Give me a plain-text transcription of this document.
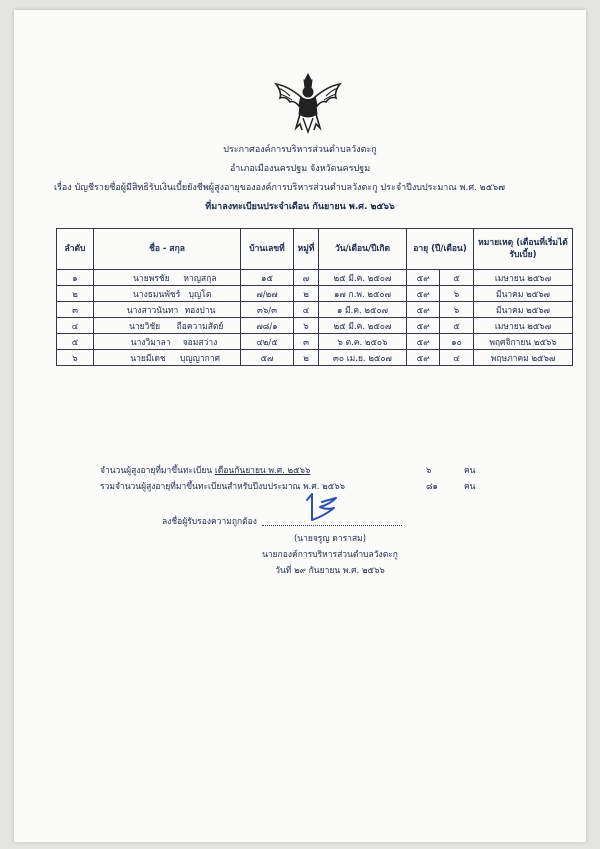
ประกาศองค์การบริหารส่วนตำบลวังตะกู
อำเภอเมืองนครปฐม จังหวัดนครปฐม
เรื่อง บัญชีรายชื่อผู้มีสิทธิรับเงินเบี้ยยังชีพผู้สูงอายุขององค์การบริหารส่วนตำบลวังตะกู ประจำปีงบประมาณ พ.ศ. ๒๕๖๗
ที่มาลงทะเบียนประจำเดือน กันยายน พ.ศ. ๒๕๖๖
ลำดับ	ชื่อ - สกุล	บ้านเลขที่	หมู่ที่	วัน/เดือน/ปีเกิด	อายุ (ปี/เดือน)		หมายเหตุ (เดือนที่เริ่มได้รับเบี้ย)
๑	นายพรชัย หาญสกุล	๑๕	๗	๒๕ มี.ค. ๒๕๐๗	๕๙	๕	เมษายน ๒๕๖๗
๒	นางธมนพัชร์ บุญโต	๗/๒๗	๒	๑๗ ก.พ. ๒๕๐๗	๕๙	๖	มีนาคม ๒๕๖๗
๓	นางสาวนันทา ทองปาน	๓๖/๓	๔	๑ มี.ค. ๒๕๐๗	๕๙	๖	มีนาคม ๒๕๖๗
๔	นายวิชัย ถือความสัตย์	๗๘/๑	๖	๒๕ มี.ค. ๒๕๐๗	๕๙	๕	เมษายน ๒๕๖๗
๕	นางวิมาลา จอมสว่าง	๔๒/๕	๓	๖ ต.ค. ๒๕๐๖	๕๙	๑๐	พฤศจิกายน ๒๕๖๖
๖	นายมีเดช บุญญากาศ	๕๗	๒	๓๐ เม.ย. ๒๕๐๗	๕๙	๔	พฤษภาคม ๒๕๖๗
จำนวนผู้สูงอายุที่มาขึ้นทะเบียน เดือนกันยายน พ.ศ. ๒๕๖๖	๖	คน
รวมจำนวนผู้สูงอายุที่มาขึ้นทะเบียนสำหรับปีงบประมาณ พ.ศ. ๒๕๖๖	๘๑	คน
ลงชื่อผู้รับรองความถูกต้อง
(นายจรูญ ดาราสม)
นายกองค์การบริหารส่วนตำบลวังตะกู
วันที่ ๒๙ กันยายน พ.ศ. ๒๕๖๖
